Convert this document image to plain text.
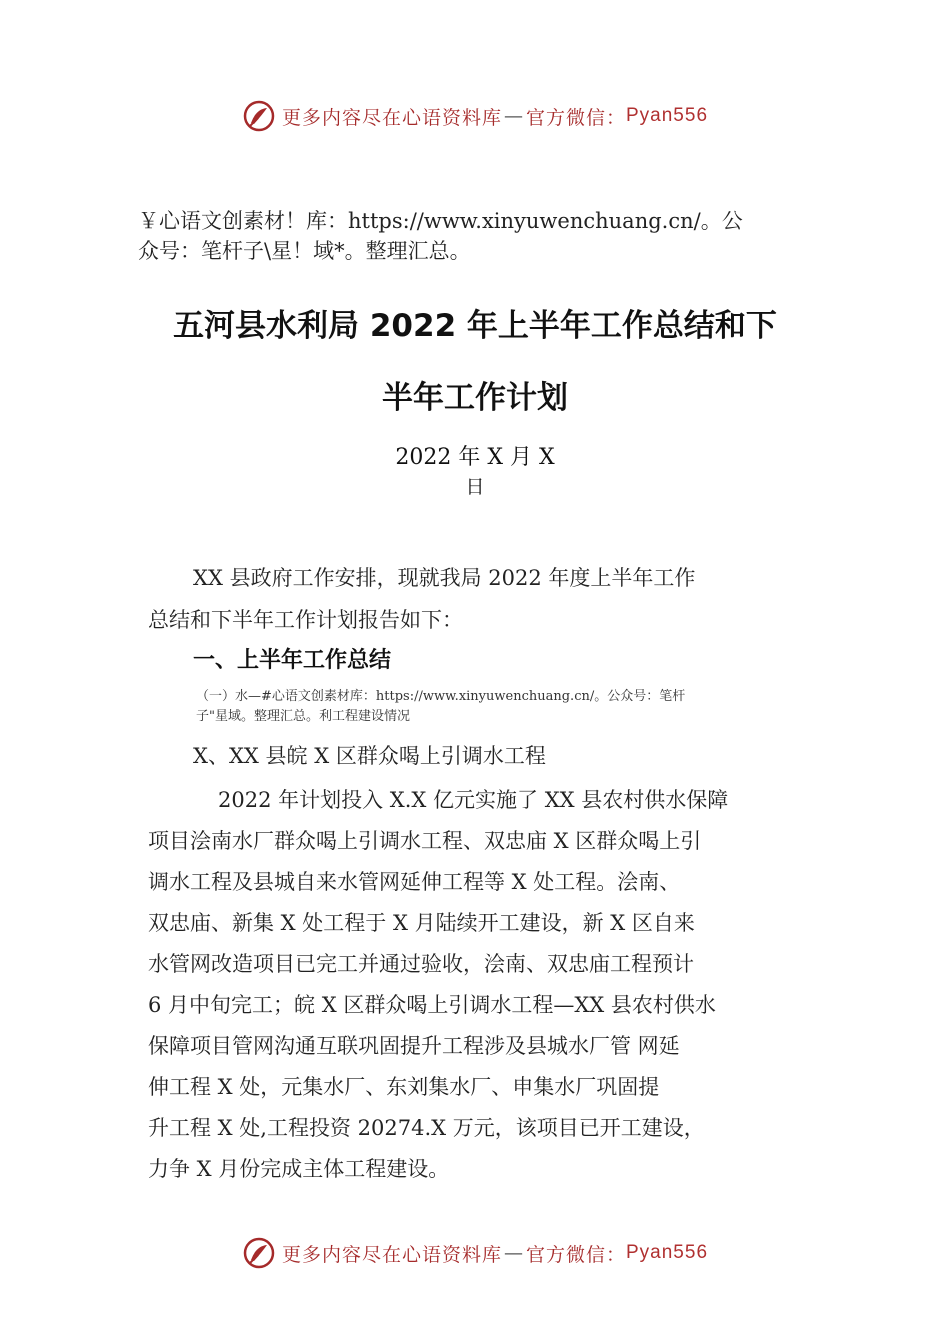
更多内容尽在心语资料库 — 官方微信： Pyan556
￥心语文创素材！库：https://www.xinyuwenchuang.cn/。公
众号：笔杆子\星！域*。整理汇总。
五河县水利局 2022 年上半年工作总结和下
半年工作计划
2022 年 X 月 X
日
XX 县政府工作安排，现就我局 2022 年度上半年工作
总结和下半年工作计划报告如下：
一、上半年工作总结
（一）水—#心语文创素材库：https://www.xinyuwenchuang.cn/。公众号：笔杆
子"星域。整理汇总。利工程建设情况
X、XX 县皖 X 区群众喝上引调水工程
2022 年计划投入 X.X 亿元实施了 XX 县农村供水保障
项目浍南水厂群众喝上引调水工程、双忠庙 X 区群众喝上引
调水工程及县城自来水管网延伸工程等 X 处工程。浍南、
双忠庙、新集 X 处工程于 X 月陆续开工建设，新 X 区自来
水管网改造项目已完工并通过验收，浍南、双忠庙工程预计
6 月中旬完工；皖 X 区群众喝上引调水工程—XX 县农村供水
保障项目管网沟通互联巩固提升工程涉及县城水厂管 网延
伸工程 X 处，元集水厂、东刘集水厂、申集水厂巩固提
升工程 X 处,工程投资 20274.X 万元，该项目已开工建设，
力争 X 月份完成主体工程建设。
更多内容尽在心语资料库 — 官方微信： Pyan556
